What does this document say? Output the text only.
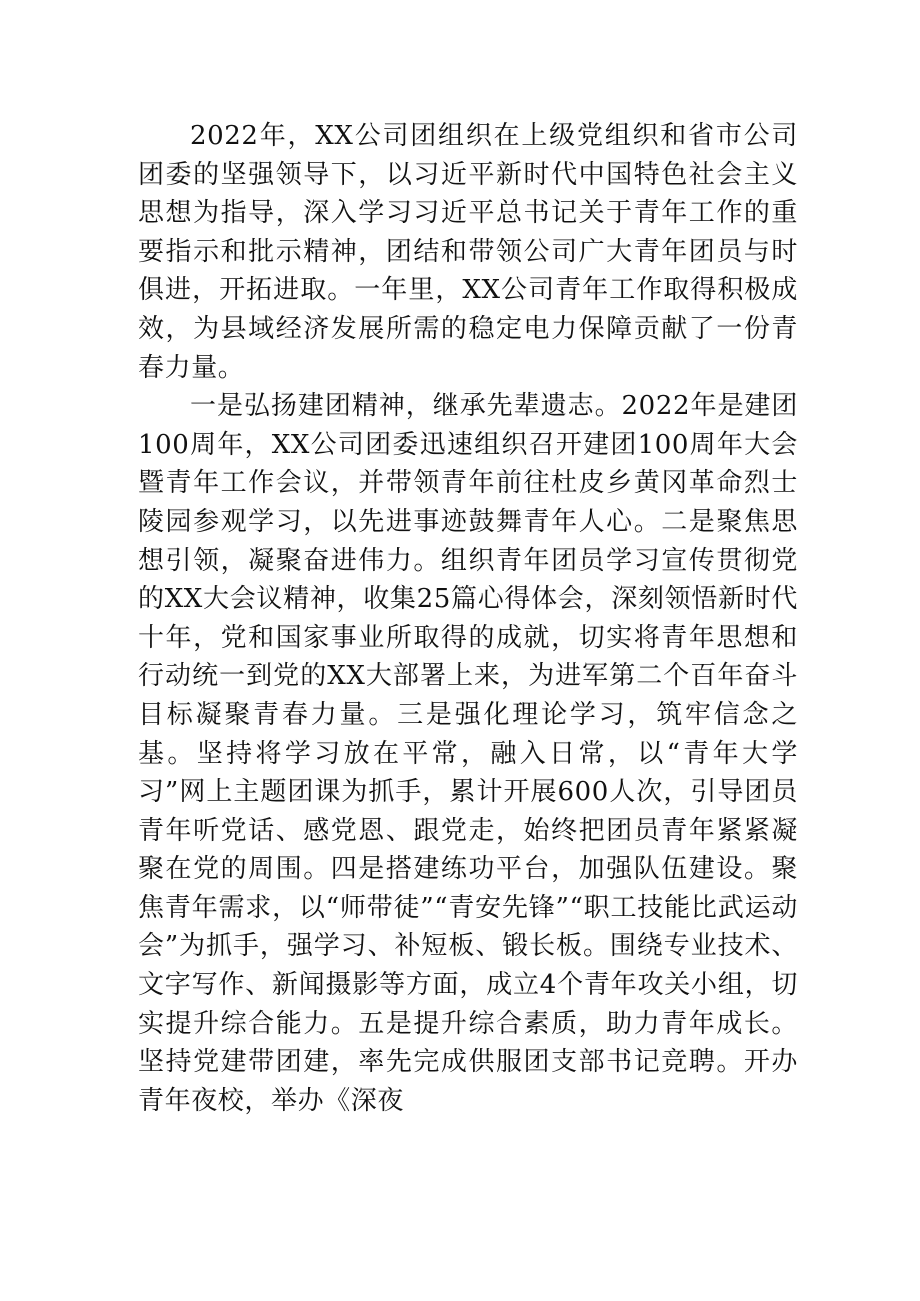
2022年，XX公司团组织在上级党组织和省市公司团委的坚强领导下，以习近平新时代中国特色社会主义思想为指导，深入学习习近平总书记关于青年工作的重要指示和批示精神，团结和带领公司广大青年团员与时俱进，开拓进取。一年里，XX公司青年工作取得积极成效，为县域经济发展所需的稳定电力保障贡献了一份青春力量。

一是弘扬建团精神，继承先辈遗志。2022年是建团100周年，XX公司团委迅速组织召开建团100周年大会暨青年工作会议，并带领青年前往杜皮乡黄冈革命烈士陵园参观学习，以先进事迹鼓舞青年人心。二是聚焦思想引领，凝聚奋进伟力。组织青年团员学习宣传贯彻党的XX大会议精神，收集25篇心得体会，深刻领悟新时代十年，党和国家事业所取得的成就，切实将青年思想和行动统一到党的XX大部署上来，为进军第二个百年奋斗目标凝聚青春力量。三是强化理论学习，筑牢信念之基。坚持将学习放在平常，融入日常，以“青年大学习”网上主题团课为抓手，累计开展600人次，引导团员青年听党话、感党恩、跟党走，始终把团员青年紧紧凝聚在党的周围。四是搭建练功平台，加强队伍建设。聚焦青年需求，以“师带徒”“青安先锋”“职工技能比武运动会”为抓手，强学习、补短板、锻长板。围绕专业技术、文字写作、新闻摄影等方面，成立4个青年攻关小组，切实提升综合能力。五是提升综合素质，助力青年成长。坚持党建带团建，率先完成供服团支部书记竞聘。开办青年夜校，举办《深夜
